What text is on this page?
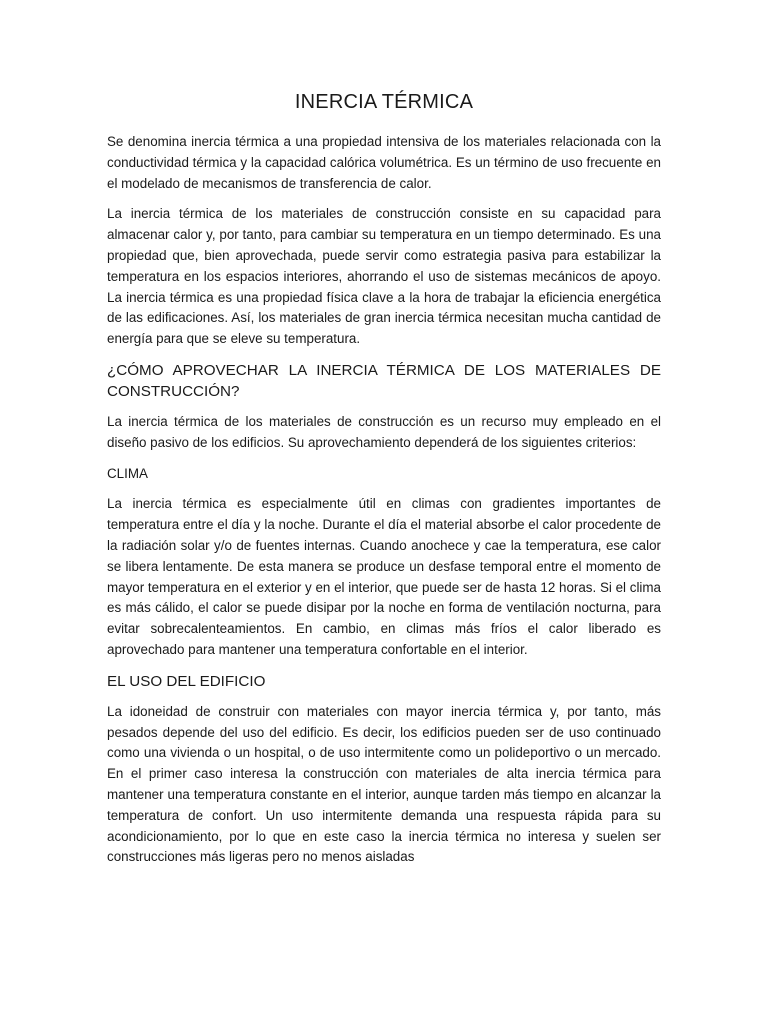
INERCIA TÉRMICA

Se denomina inercia térmica a una propiedad intensiva de los materiales relacionada con la conductividad térmica y la capacidad calórica volumétrica. Es un término de uso frecuente en el modelado de mecanismos de transferencia de calor.

La inercia térmica de los materiales de construcción consiste en su capacidad para almacenar calor y, por tanto, para cambiar su temperatura en un tiempo determinado. Es una propiedad que, bien aprovechada, puede servir como estrategia pasiva para estabilizar la temperatura en los espacios interiores, ahorrando el uso de sistemas mecánicos de apoyo. La inercia térmica es una propiedad física clave a la hora de trabajar la eficiencia energética de las edificaciones. Así, los materiales de gran inercia térmica necesitan mucha cantidad de energía para que se eleve su temperatura.

¿CÓMO APROVECHAR LA INERCIA TÉRMICA DE LOS MATERIALES DE CONSTRUCCIÓN?

La inercia térmica de los materiales de construcción es un recurso muy empleado en el diseño pasivo de los edificios. Su aprovechamiento dependerá de los siguientes criterios:

CLIMA

La inercia térmica es especialmente útil en climas con gradientes importantes de temperatura entre el día y la noche. Durante el día el material absorbe el calor procedente de la radiación solar y/o de fuentes internas. Cuando anochece y cae la temperatura, ese calor se libera lentamente. De esta manera se produce un desfase temporal entre el momento de mayor temperatura en el exterior y en el interior, que puede ser de hasta 12 horas. Si el clima es más cálido, el calor se puede disipar por la noche en forma de ventilación nocturna, para evitar sobrecalenteamientos. En cambio, en climas más fríos el calor liberado es aprovechado para mantener una temperatura confortable en el interior.

EL USO DEL EDIFICIO

La idoneidad de construir con materiales con mayor inercia térmica y, por tanto, más pesados depende del uso del edificio. Es decir, los edificios pueden ser de uso continuado como una vivienda o un hospital, o de uso intermitente como un polideportivo o un mercado. En el primer caso interesa la construcción con materiales de alta inercia térmica para mantener una temperatura constante en el interior, aunque tarden más tiempo en alcanzar la temperatura de confort. Un uso intermitente demanda una respuesta rápida para su acondicionamiento, por lo que en este caso la inercia térmica no interesa y suelen ser construcciones más ligeras pero no menos aisladas
